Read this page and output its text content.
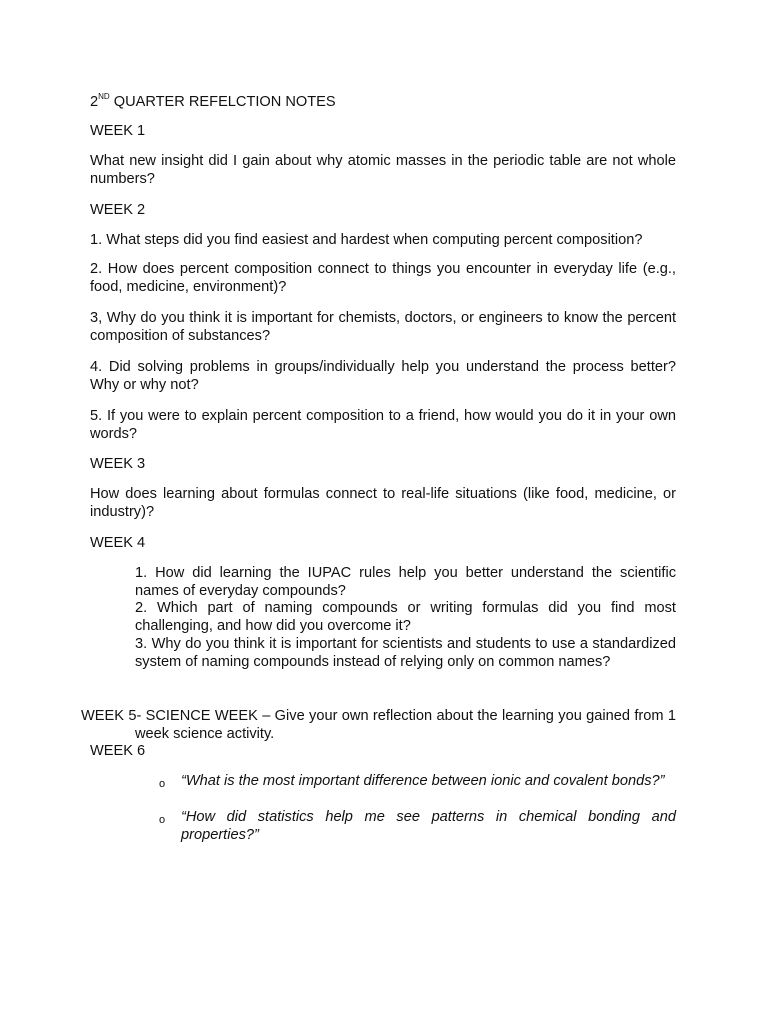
2ND QUARTER REFELCTION NOTES

WEEK 1

What new insight did I gain about why atomic masses in the periodic table are not whole numbers?

WEEK 2

1. What steps did you find easiest and hardest when computing percent composition?

2. How does percent composition connect to things you encounter in everyday life (e.g., food, medicine, environment)?

3, Why do you think it is important for chemists, doctors, or engineers to know the percent composition of substances?

4. Did solving problems in groups/individually help you understand the process better? Why or why not?

5. If you were to explain percent composition to a friend, how would you do it in your own words?

WEEK 3

How does learning about formulas connect to real-life situations (like food, medicine, or industry)?

WEEK 4

1. How did learning the IUPAC rules help you better understand the scientific names of everyday compounds?

2. Which part of naming compounds or writing formulas did you find most challenging, and how did you overcome it?

3. Why do you think it is important for scientists and students to use a standardized system of naming compounds instead of relying only on common names?

WEEK 5- SCIENCE WEEK – Give your own reflection about the learning you gained from 1 week science activity.

WEEK 6

o “What is the most important difference between ionic and covalent bonds?”

o “How did statistics help me see patterns in chemical bonding and properties?”
